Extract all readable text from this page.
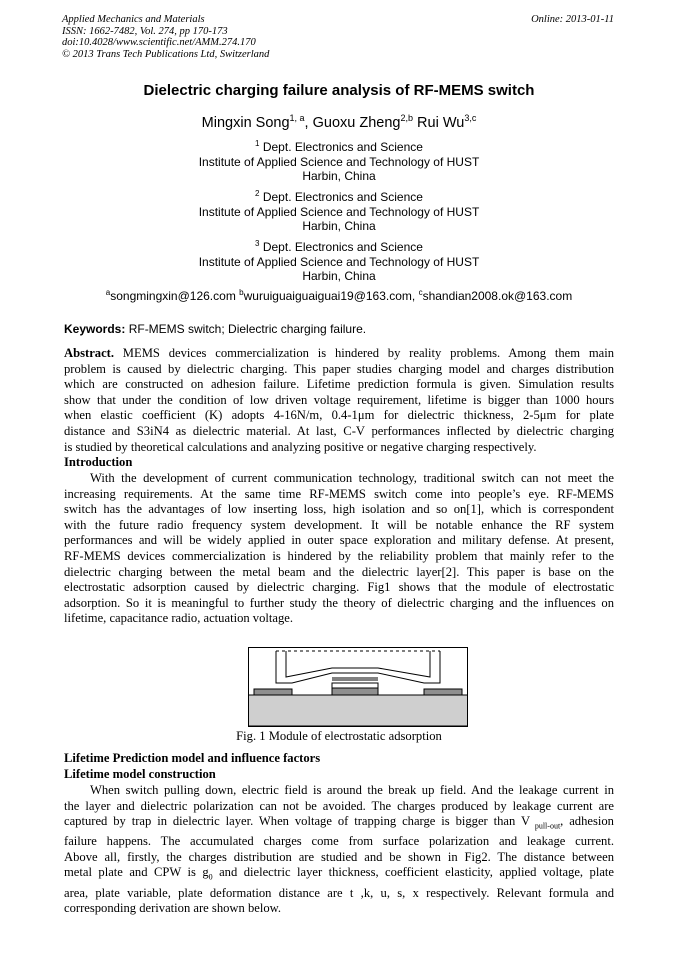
Applied Mechanics and Materials
ISSN: 1662-7482, Vol. 274, pp 170-173
doi:10.4028/www.scientific.net/AMM.274.170
© 2013 Trans Tech Publications Ltd, Switzerland
Online: 2013-01-11
Dielectric charging failure analysis of RF-MEMS switch
Mingxin Song$^{1, a}$, Guoxu Zheng$^{2,b}$ Rui Wu$^{3,c}$
$^1$ Dept. Electronics and Science
Institute of Applied Science and Technology of HUST
Harbin, China
$^2$ Dept. Electronics and Science
Institute of Applied Science and Technology of HUST
Harbin, China
$^3$ Dept. Electronics and Science
Institute of Applied Science and Technology of HUST
Harbin, China
$^a$songmingxin@126.com $^b$wuruiguaiguaiguai19@163.com, $^c$shandian2008.ok@163.com
Keywords: RF-MEMS switch; Dielectric charging failure.
Abstract. MEMS devices commercialization is hindered by reality problems. Among them main
problem is caused by dielectric charging. This paper studies charging model and charges distribution
which are constructed on adhesion failure. Lifetime prediction formula is given. Simulation results
show that under the condition of low driven voltage requirement, lifetime is bigger than 1000 hours
when elastic coefficient (K) adopts 4-16N/m, 0.4-1μm for dielectric thickness, 2-5μm for plate
distance and S3iN4 as dielectric material. At last, C-V performances inflected by dielectric charging
is studied by theoretical calculations and analyzing positive or negative charging respectively.
Introduction
With the development of current communication technology, traditional switch can not meet the
increasing requirements. At the same time RF-MEMS switch come into people’s eye. RF-MEMS
switch has the advantages of low inserting loss, high isolation and so on[1], which is correspondent
with the future radio frequency system development. It will be notable enhance the RF system
performances and will be widely applied in outer space exploration and military defense. At present,
RF-MEMS devices commercialization is hindered by the reliability problem that mainly refer to the
dielectric charging between the metal beam and the dielectric layer[2]. This paper is base on the
electrostatic adsorption caused by dielectric charging. Fig1 shows that the module of electrostatic
adsorption. So it is meaningful to further study the theory of dielectric charging and the influences on
lifetime, capacitance radio, actuation voltage.
Fig. 1 Module of electrostatic adsorption
Lifetime Prediction model and influence factors
Lifetime model construction
When switch pulling down, electric field is around the break up field. And the leakage current in
the layer and dielectric polarization can not be avoided. The charges produced by leakage current are
captured by trap in dielectric layer. When voltage of trapping charge is bigger than V $_{pull-out}$, adhesion
failure happens. The accumulated charges come from surface polarization and leakage current.
Above all, firstly, the charges distribution are studied and be shown in Fig2. The distance between
metal plate and CPW is $g_0$ and dielectric layer thickness, coefficient elasticity, applied voltage, plate
area, plate variable, plate deformation distance are t ,k, u, s, x respectively. Relevant formula and
corresponding derivation are shown below.
